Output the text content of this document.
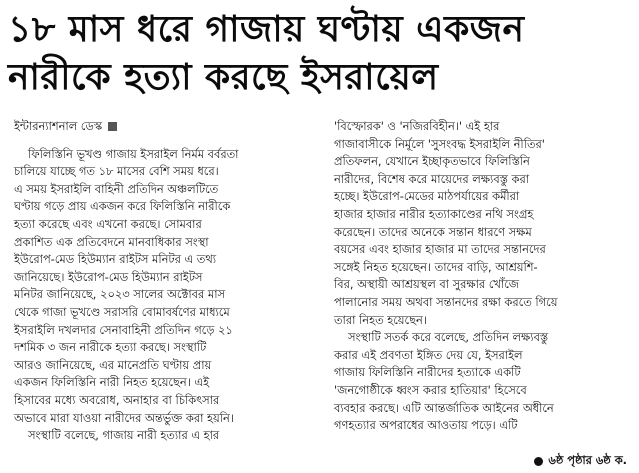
১৮ মাস ধরে গাজায় ঘণ্টায় একজন
নারীকে হত্যা করছে ইসরায়েল
ইন্টারন্যাশনাল ডেস্ক

ফিলিস্তিনি ভূখণ্ড গাজায় ইসরাইল নির্মম বর্বরতা
চালিয়ে যাচ্ছে গত ১৮ মাসের বেশি সময় ধরে।
এ সময় ইসরাইলি বাহিনী প্রতিদিন অঞ্চলটিতে
ঘণ্টায় গড়ে প্রায় একজন করে ফিলিস্তিনি নারীকে
হত্যা করেছে এবং এখনো করছে। সোমবার
প্রকাশিত এক প্রতিবেদনে মানবাধিকার সংস্থা
ইউরোপ-মেড হিউম্যান রাইটস মনিটর এ তথ্য
জানিয়েছে। ইউরোপ-মেড হিউম্যান রাইটস
মনিটর জানিয়েছে, ২০২৩ সালের অক্টোবর মাস
থেকে গাজা ভূখণ্ডে সরাসরি বোমাবর্ষণের মাধ্যমে
ইসরাইলি দখলদার সেনাবাহিনী প্রতিদিন গড়ে ২১
দশমিক ৩ জন নারীকে হত্যা করছে। সংস্থাটি
আরও জানিয়েছে, এর মানেপ্রতি ঘণ্টায় প্রায়
একজন ফিলিস্তিনি নারী নিহত হয়েছেন। এই
হিসাবের মধ্যে অবরোধ, অনাহার বা চিকিৎসার
অভাবে মারা যাওয়া নারীদের অন্তর্ভুক্ত করা হয়নি।

সংস্থাটি বলেছে, গাজায় নারী হত্যার এ হার

'বিস্ফোরক' ও 'নজিরবিহীন।' এই হার
গাজাবাসীকে নির্মূলে 'সুসংবদ্ধ ইসরাইলি নীতির'
প্রতিফলন, যেখানে ইচ্ছাকৃতভাবে ফিলিস্তিনি
নারীদের, বিশেষ করে মায়েদের লক্ষ্যবস্তু করা
হচ্ছে। ইউরোপ-মেডের মাঠপর্যায়ের কর্মীরা
হাজার হাজার নারীর হত্যাকাণ্ডের নথি সংগ্রহ
করেছেন। তাদের অনেকে সন্তান ধারণে সক্ষম
বয়সের এবং হাজার হাজার মা তাদের সন্তানদের
সঙ্গেই নিহত হয়েছেন। তাদের বাড়ি, আশ্রয়শি-
বির, অস্থায়ী আশ্রয়স্থল বা সুরক্ষার খোঁজে
পালানোর সময় অথবা সন্তানদের রক্ষা করতে গিয়ে
তারা নিহত হয়েছেন।

সংস্থাটি সতর্ক করে বলেছে, প্রতিদিন লক্ষ্যবস্তু
করার এই প্রবণতা ইঙ্গিত দেয় যে, ইসরাইল
গাজায় ফিলিস্তিনি নারীদের হত্যাকে একটি
'জনগোষ্ঠীকে ধ্বংস করার হাতিয়ার' হিসেবে
ব্যবহার করছে। এটি আন্তর্জাতিক আইনের অধীনে
গণহত্যার অপরাধের আওতায় পড়ে। এটি

৬ষ্ঠ পৃষ্ঠার ৬ষ্ঠ ক.
